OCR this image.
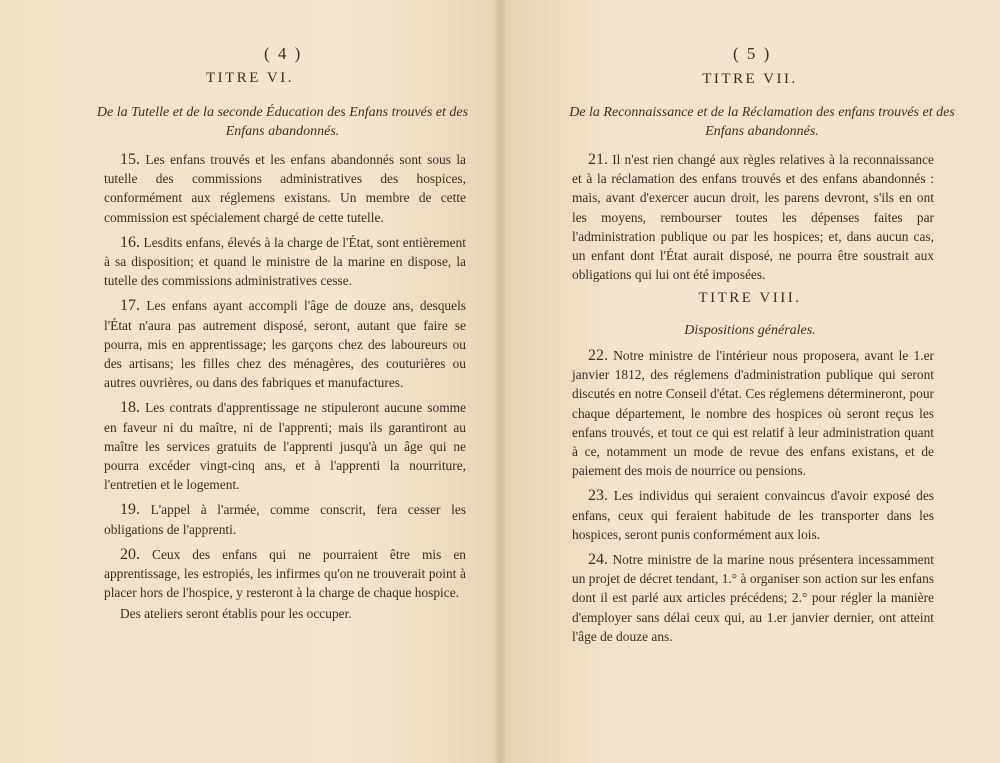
( 4 )
TITRE VI.
De la Tutelle et de la seconde Éducation des Enfans trouvés et des Enfans abandonnés.

15. Les enfans trouvés et les enfans abandonnés sont sous la tutelle des commissions administratives des hospices, conformément aux réglemens existans. Un membre de cette commission est spécialement chargé de cette tutelle.

16. Lesdits enfans, élevés à la charge de l'État, sont entièrement à sa disposition; et quand le ministre de la marine en dispose, la tutelle des commissions administratives cesse.

17. Les enfans ayant accompli l'âge de douze ans, desquels l'État n'aura pas autrement disposé, seront, autant que faire se pourra, mis en apprentissage; les garçons chez des laboureurs ou des artisans; les filles chez des ménagères, des couturières ou autres ouvrières, ou dans des fabriques et manufactures.

18. Les contrats d'apprentissage ne stipuleront aucune somme en faveur ni du maître, ni de l'apprenti; mais ils garantiront au maître les services gratuits de l'apprenti jusqu'à un âge qui ne pourra excéder vingt-cinq ans, et à l'apprenti la nourriture, l'entretien et le logement.

19. L'appel à l'armée, comme conscrit, fera cesser les obligations de l'apprenti.

20. Ceux des enfans qui ne pourraient être mis en apprentissage, les estropiés, les infirmes qu'on ne trouverait point à placer hors de l'hospice, y resteront à la charge de chaque hospice.

Des ateliers seront établis pour les occuper.

( 5 )
TITRE VII.
De la Reconnaissance et de la Réclamation des enfans trouvés et des Enfans abandonnés.

21. Il n'est rien changé aux règles relatives à la reconnaissance et à la réclamation des enfans trouvés et des enfans abandonnés : mais, avant d'exercer aucun droit, les parens devront, s'ils en ont les moyens, rembourser toutes les dépenses faites par l'administration publique ou par les hospices; et, dans aucun cas, un enfant dont l'État aurait disposé, ne pourra être soustrait aux obligations qui lui ont été imposées.

TITRE VIII.
Dispositions générales.

22. Notre ministre de l'intérieur nous proposera, avant le 1.er janvier 1812, des réglemens d'administration publique qui seront discutés en notre Conseil d'état. Ces réglemens détermineront, pour chaque département, le nombre des hospices où seront reçus les enfans trouvés, et tout ce qui est relatif à leur administration quant à ce, notamment un mode de revue des enfans existans, et de paiement des mois de nourrice ou pensions.

23. Les individus qui seraient convaincus d'avoir exposé des enfans, ceux qui feraient habitude de les transporter dans les hospices, seront punis conformément aux lois.

24. Notre ministre de la marine nous présentera incessamment un projet de décret tendant, 1.° à organiser son action sur les enfans dont il est parlé aux articles précédens; 2.° pour régler la manière d'employer sans délai ceux qui, au 1.er janvier dernier, ont atteint l'âge de douze ans.
